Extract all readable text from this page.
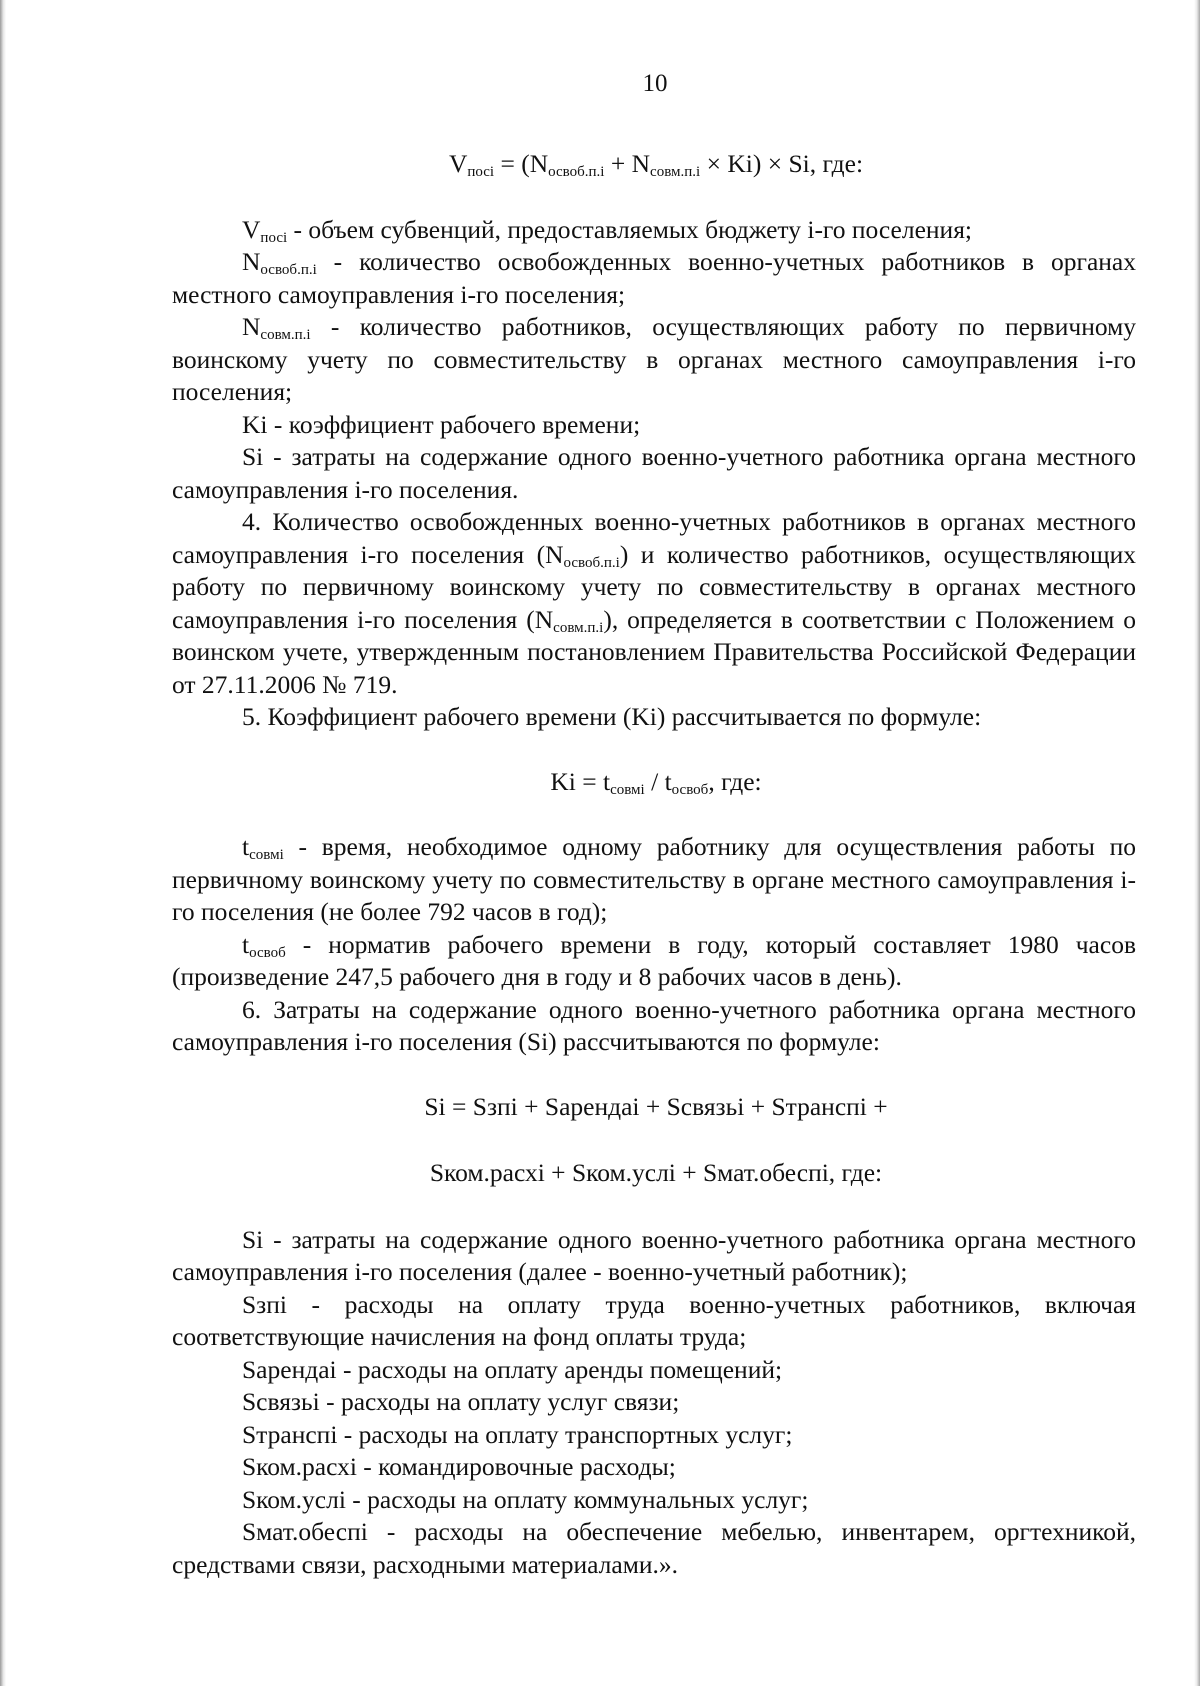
10
$V_{посі} = (N_{освоб.п.і} + N_{совм.п.і} \times Ki) \times Si$, где:

$V_{посі}$ - объем субвенций, предоставляемых бюджету і-го поселения;

$N_{освоб.п.і}$ - количество освобожденных военно-учетных работников в органах местного самоуправления і-го поселения;

$N_{совм.п.і}$ - количество работников, осуществляющих работу по первичному воинскому учету по совместительству в органах местного самоуправления і-го поселения;

Ki - коэффициент рабочего времени;

Si - затраты на содержание одного военно-учетного работника органа местного самоуправления і-го поселения.

4. Количество освобожденных военно-учетных работников в органах местного самоуправления і-го поселения $(N_{освоб.п.і})$ и количество работников, осуществляющих работу по первичному воинскому учету по совместительству в органах местного самоуправления і-го поселения $(N_{совм.п.і})$, определяется в соответствии с Положением о воинском учете, утвержденным постановлением Правительства Российской Федерации от 27.11.2006 № 719.

5. Коэффициент рабочего времени (Ki) рассчитывается по формуле:

$Ki = t_{совмі} / t_{освоб}$, где:

$t_{совмі}$ - время, необходимое одному работнику для осуществления работы по первичному воинскому учету по совместительству в органе местного самоуправления і-го поселения (не более 792 часов в год);

$t_{освоб}$ - норматив рабочего времени в году, который составляет 1980 часов (произведение 247,5 рабочего дня в году и 8 рабочих часов в день).

6. Затраты на содержание одного военно-учетного работника органа местного самоуправления і-го поселения (Si) рассчитываются по формуле:

Si = Sзпі + Sарендаі + Sсвязьі + Sтранспі +
Sком.расхі + Sком.услі + Sмат.обеспі, где:

Si - затраты на содержание одного военно-учетного работника органа местного самоуправления і-го поселения (далее - военно-учетный работник);

Sзпі - расходы на оплату труда военно-учетных работников, включая соответствующие начисления на фонд оплаты труда;

Sарендаі - расходы на оплату аренды помещений;

Sсвязьі - расходы на оплату услуг связи;

Sтранспі - расходы на оплату транспортных услуг;

Sком.расхі - командировочные расходы;

Sком.услі - расходы на оплату коммунальных услуг;

Sмат.обеспі - расходы на обеспечение мебелью, инвентарем, оргтехникой, средствами связи, расходными материалами.».
